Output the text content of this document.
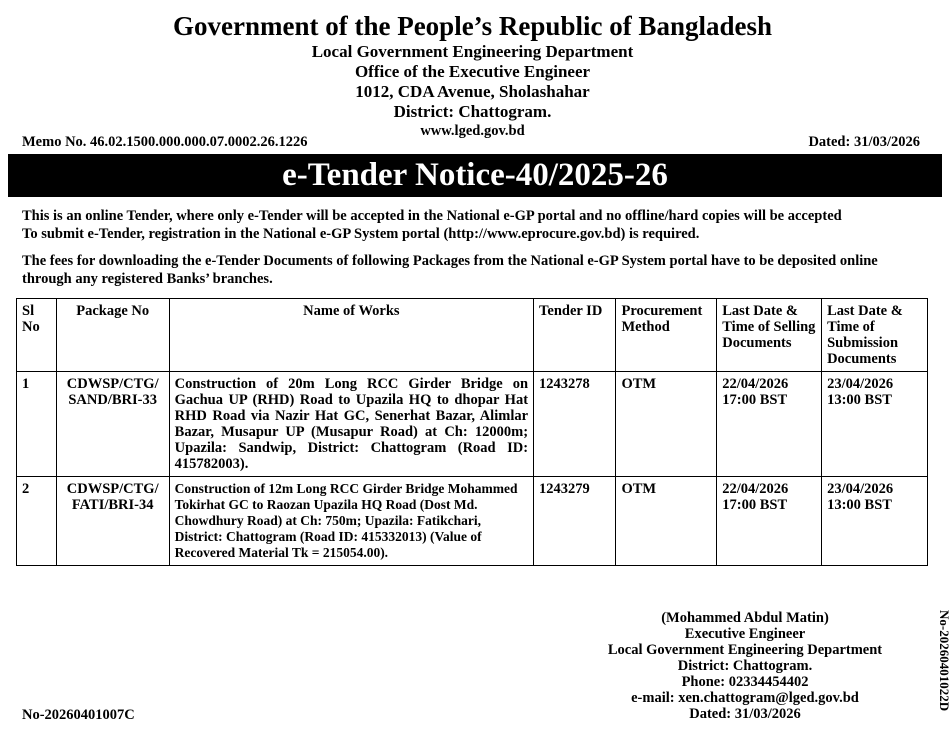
Government of the People’s Republic of Bangladesh
Local Government Engineering Department
Office of the Executive Engineer
1012, CDA Avenue, Sholashahar
District: Chattogram.
www.lged.gov.bd
Memo No. 46.02.1500.000.000.07.0002.26.1226	Dated: 31/03/2026
e-Tender Notice-40/2025-26
This is an online Tender, where only e-Tender will be accepted in the National e-GP portal and no offline/hard copies will be accepted
To submit e-Tender, registration in the National e-GP System portal (http://www.eprocure.gov.bd) is required.
The fees for downloading the e-Tender Documents of following Packages from the National e-GP System portal have to be deposited online through any registered Banks’ branches.
Sl No	Package No	Name of Works	Tender ID	Procurement Method	Last Date & Time of Selling Documents	Last Date & Time of Submission Documents
1	CDWSP/CTG/ SAND/BRI-33	Construction of 20m Long RCC Girder Bridge on Gachua UP (RHD) Road to Upazila HQ to dhopar Hat RHD Road via Nazir Hat GC, Senerhat Bazar, Alimlar Bazar, Musapur UP (Musapur Road) at Ch: 12000m; Upazila: Sandwip, District: Chattogram (Road ID: 415782003).	1243278	OTM	22/04/2026 17:00 BST	23/04/2026 13:00 BST
2	CDWSP/CTG/ FATI/BRI-34	Construction of 12m Long RCC Girder Bridge Mohammed Tokirhat GC to Raozan Upazila HQ Road (Dost Md. Chowdhury Road) at Ch: 750m; Upazila: Fatikchari, District: Chattogram (Road ID: 415332013) (Value of Recovered Material Tk = 215054.00).	1243279	OTM	22/04/2026 17:00 BST	23/04/2026 13:00 BST
(Mohammed Abdul Matin)
Executive Engineer
Local Government Engineering Department
District: Chattogram.
Phone: 02334454402
e-mail: xen.chattogram@lged.gov.bd
Dated: 31/03/2026
No-20260401007C
No-20260401022D
